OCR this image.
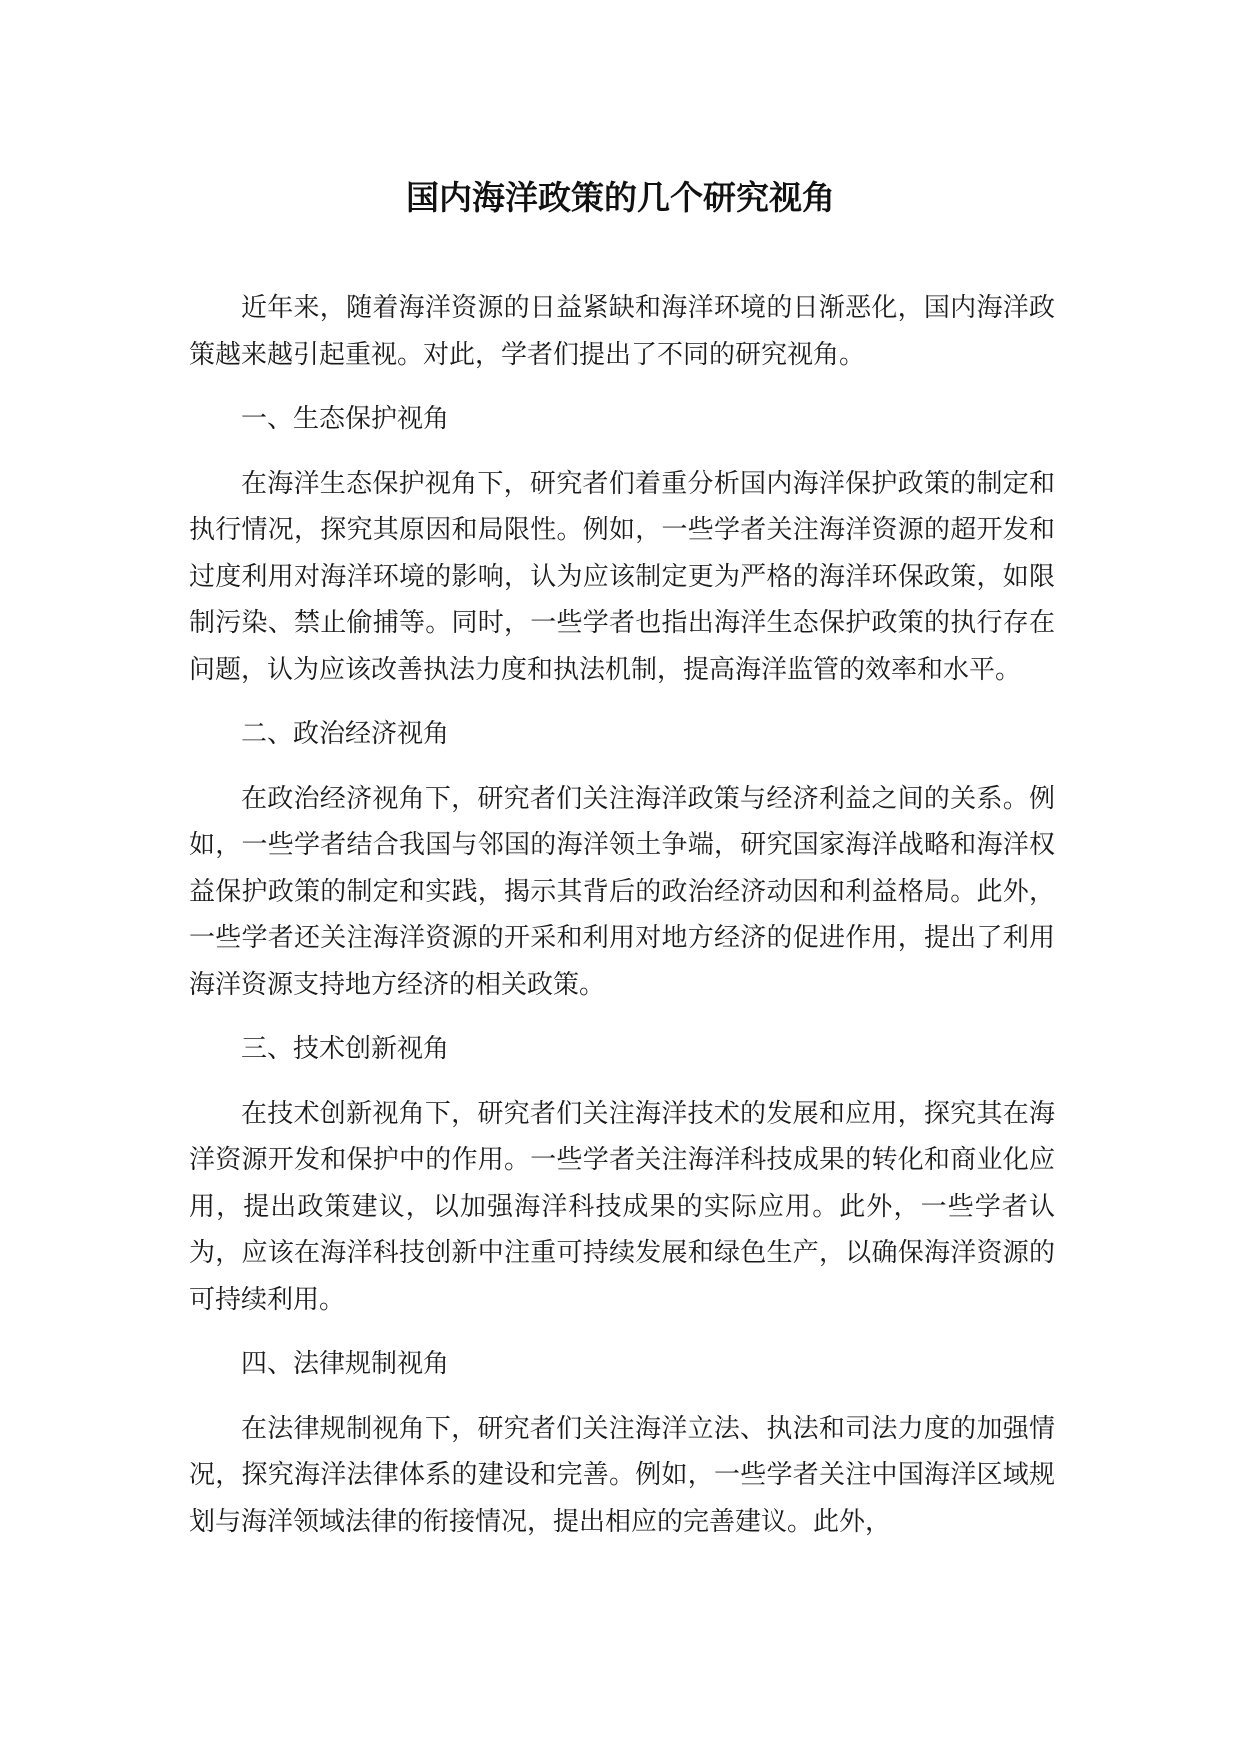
国内海洋政策的几个研究视角

近年来，随着海洋资源的日益紧缺和海洋环境的日渐恶化，国内海洋政策越来越引起重视。对此，学者们提出了不同的研究视角。

一、生态保护视角

在海洋生态保护视角下，研究者们着重分析国内海洋保护政策的制定和执行情况，探究其原因和局限性。例如，一些学者关注海洋资源的超开发和过度利用对海洋环境的影响，认为应该制定更为严格的海洋环保政策，如限制污染、禁止偷捕等。同时，一些学者也指出海洋生态保护政策的执行存在问题，认为应该改善执法力度和执法机制，提高海洋监管的效率和水平。

二、政治经济视角

在政治经济视角下，研究者们关注海洋政策与经济利益之间的关系。例如，一些学者结合我国与邻国的海洋领土争端，研究国家海洋战略和海洋权益保护政策的制定和实践，揭示其背后的政治经济动因和利益格局。此外，一些学者还关注海洋资源的开采和利用对地方经济的促进作用，提出了利用海洋资源支持地方经济的相关政策。

三、技术创新视角

在技术创新视角下，研究者们关注海洋技术的发展和应用，探究其在海洋资源开发和保护中的作用。一些学者关注海洋科技成果的转化和商业化应用，提出政策建议，以加强海洋科技成果的实际应用。此外，一些学者认为，应该在海洋科技创新中注重可持续发展和绿色生产，以确保海洋资源的可持续利用。

四、法律规制视角

在法律规制视角下，研究者们关注海洋立法、执法和司法力度的加强情况，探究海洋法律体系的建设和完善。例如，一些学者关注中国海洋区域规划与海洋领域法律的衔接情况，提出相应的完善建议。此外，
